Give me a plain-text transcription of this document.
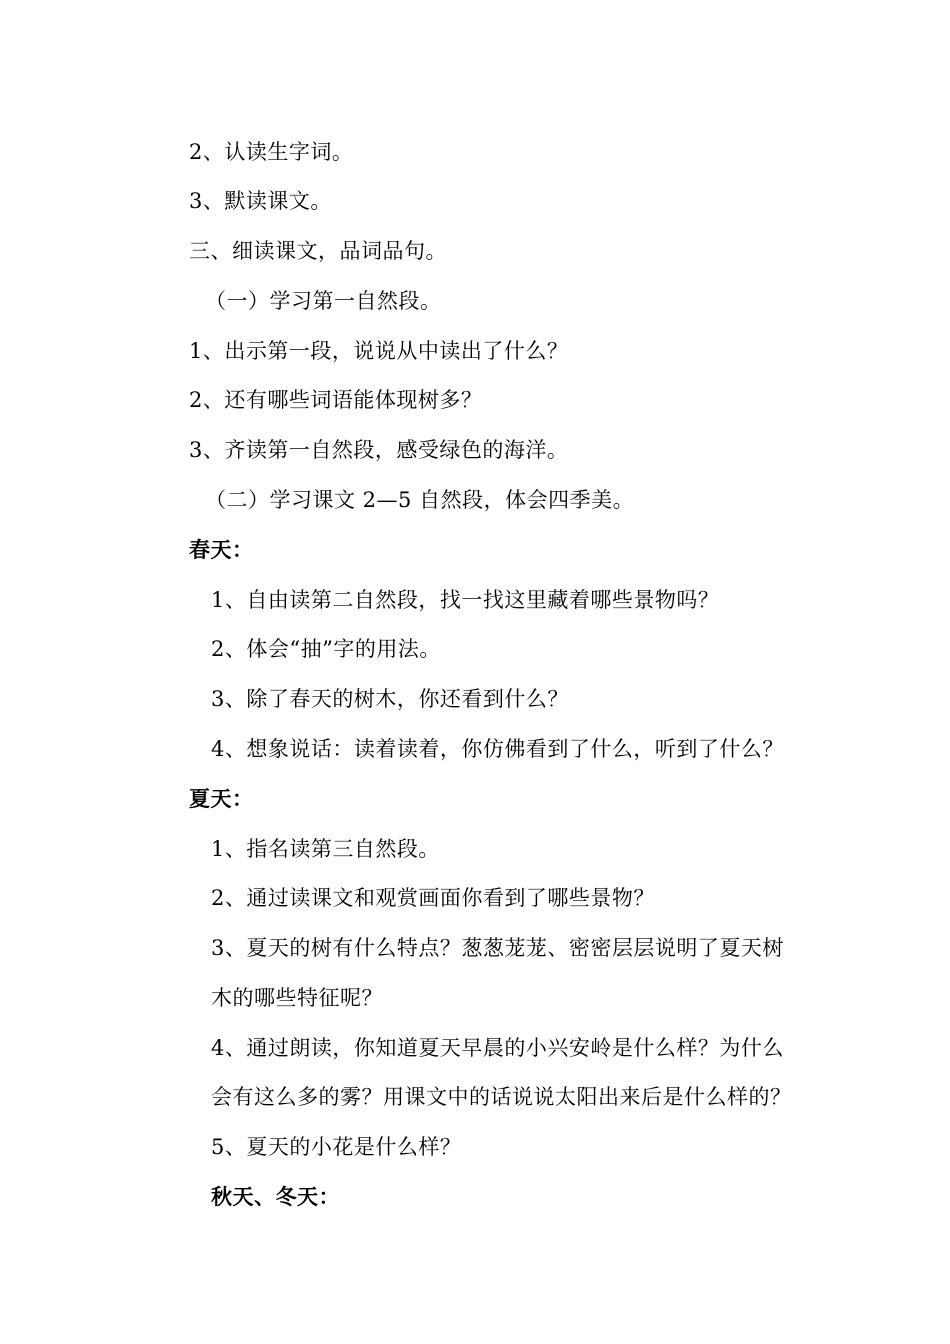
2、认读生字词。
3、默读课文。
三、细读课文，品词品句。
（一）学习第一自然段。
1、出示第一段，说说从中读出了什么？
2、还有哪些词语能体现树多？
3、齐读第一自然段，感受绿色的海洋。
（二）学习课文 2—5 自然段，体会四季美。
春天：
1、自由读第二自然段，找一找这里藏着哪些景物吗？
2、体会“抽”字的用法。
3、除了春天的树木，你还看到什么？
4、想象说话：读着读着，你仿佛看到了什么，听到了什么？
夏天：
1、指名读第三自然段。
2、通过读课文和观赏画面你看到了哪些景物？
3、夏天的树有什么特点？葱葱茏茏、密密层层说明了夏天树
木的哪些特征呢？
4、通过朗读，你知道夏天早晨的小兴安岭是什么样？为什么
会有这么多的雾？用课文中的话说说太阳出来后是什么样的？
5、夏天的小花是什么样？
秋天、冬天：
